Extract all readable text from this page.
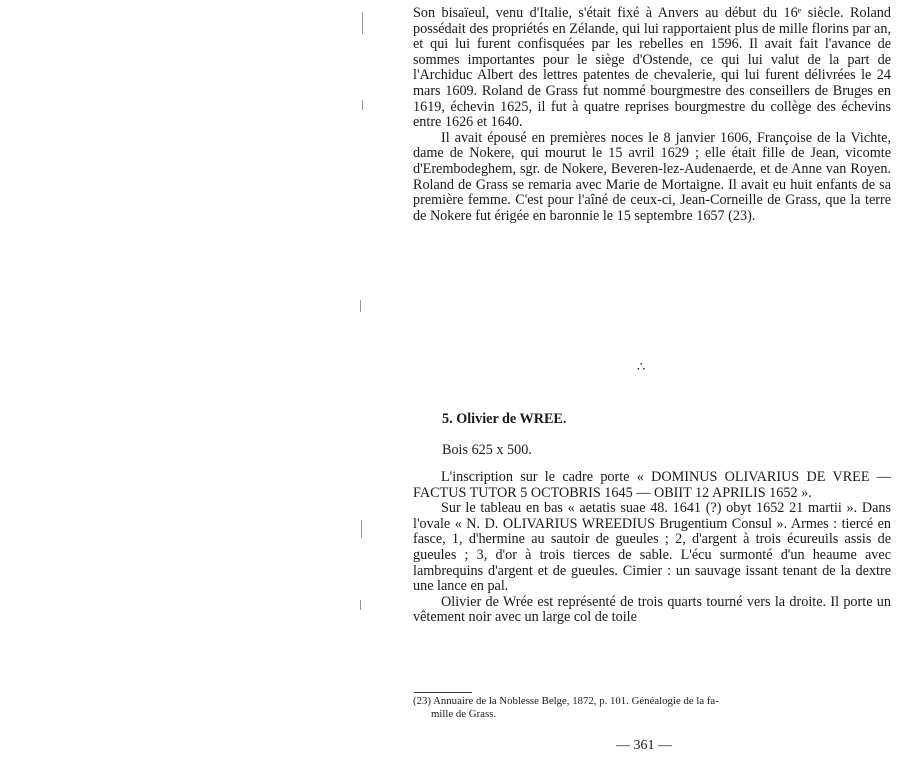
Son bisaïeul, venu d'Italie, s'était fixé à Anvers au début du 16ᵉ siècle. Roland possédait des propriétés en Zélande, qui lui rapportaient plus de mille florins par an, et qui lui furent confisquées par les rebelles en 1596. Il avait fait l'avance de sommes importantes pour le siège d'Ostende, ce qui lui valut de la part de l'Archiduc Albert des lettres patentes de chevalerie, qui lui furent délivrées le 24 mars 1609. Roland de Grass fut nommé bourgmestre des conseillers de Bruges en 1619, échevin 1625, il fut à quatre reprises bourgmestre du collège des échevins entre 1626 et 1640.

Il avait épousé en premières noces le 8 janvier 1606, Françoise de la Vichte, dame de Nokere, qui mourut le 15 avril 1629 ; elle était fille de Jean, vicomte d'Erembodeghem, sgr. de Nokere, Beveren-lez-Audenaerde, et de Anne van Royen. Roland de Grass se remaria avec Marie de Mortaigne. Il avait eu huit enfants de sa première femme. C'est pour l'aîné de ceux-ci, Jean-Corneille de Grass, que la terre de Nokere fut érigée en baronnie le 15 septembre 1657 (23).

∴
5. Olivier de WREE.
Bois 625 x 500.

L'inscription sur le cadre porte « DOMINUS OLIVARIUS DE VREE — FACTUS TUTOR 5 OCTOBRIS 1645 — OBIIT 12 APRILIS 1652 ».

Sur le tableau en bas « aetatis suae 48. 1641 (?) obyt 1652 21 martii ». Dans l'ovale « N. D. OLIVARIUS WREEDIUS Brugentium Consul ». Armes : tiercé en fasce, 1, d'hermine au sautoir de gueules ; 2, d'argent à trois écureuils assis de gueules ; 3, d'or à trois tierces de sable. L'écu surmonté d'un heaume avec lambrequins d'argent et de gueules. Cimier : un sauvage issant tenant de la dextre une lance en pal.

Olivier de Wrée est représenté de trois quarts tourné vers la droite. Il porte un vêtement noir avec un large col de toile

(23) Annuaire de la Noblesse Belge, 1872, p. 101. Généalogie de la fa-
mille de Grass.
— 361 —
